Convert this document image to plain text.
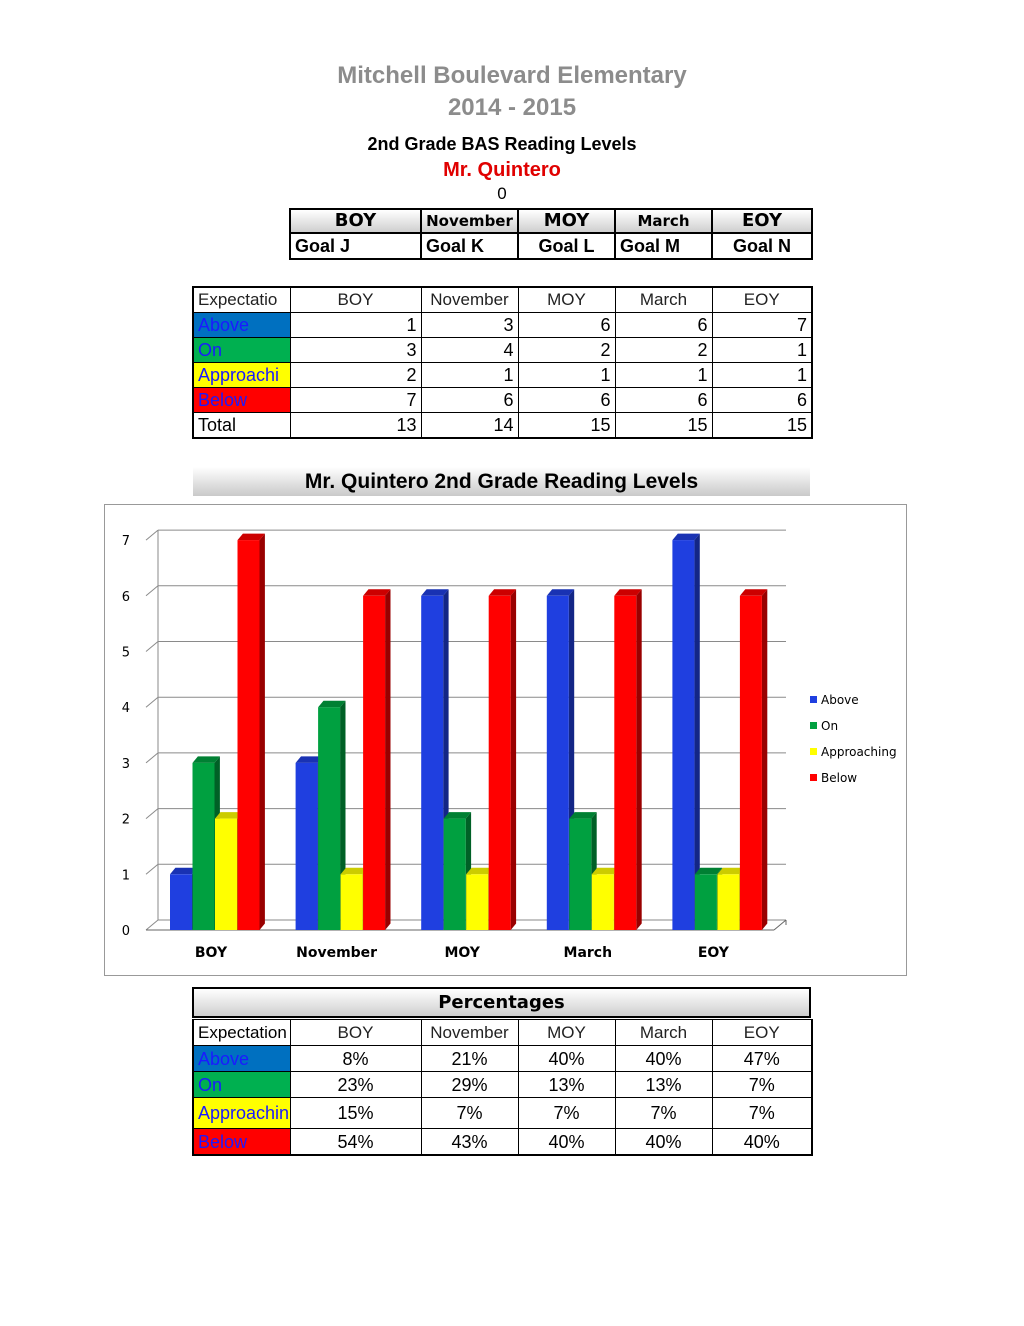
Mitchell Boulevard Elementary
2014 - 2015
2nd Grade BAS Reading Levels
Mr. Quintero
0
BOY	November	MOY	March	EOY
Goal J	Goal K	Goal L	Goal M	Goal N
Expectatio	BOY	November	MOY	March	EOY
Above	1	3	6	6	7
On	3	4	2	2	1
Approachi	2	1	1	1	1
Below	7	6	6	6	6
Total	13	14	15	15	15
Mr. Quintero 2nd Grade Reading Levels
0
1
2
3
4
5
6
7
BOY	November	MOY	March	EOY
Above
On
Approaching
Below
Percentages
Expectation	BOY	November	MOY	March	EOY
Above	8%	21%	40%	40%	47%
On	23%	29%	13%	13%	7%
Approachin	15%	7%	7%	7%	7%
Below	54%	43%	40%	40%	40%
